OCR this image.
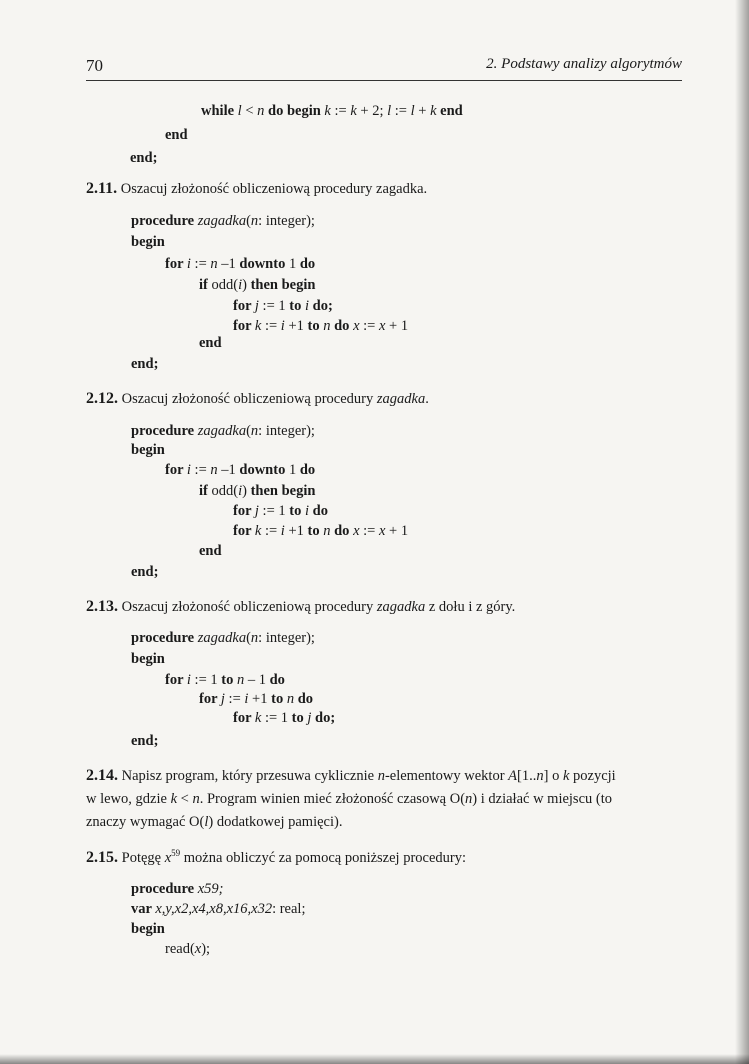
70	2. Podstawy analizy algorytmów
while l < n do begin k := k + 2; l := l + k end
end
end;
2.11. Oszacuj złożoność obliczeniową procedury zagadka.
procedure zagadka(n: integer);
begin
for i := n –1 downto 1 do
if odd(i) then begin
for j := 1 to i do;
for k := i +1 to n do x := x + 1
end
end;
2.12. Oszacuj złożoność obliczeniową procedury zagadka.
procedure zagadka(n: integer);
begin
for i := n –1 downto 1 do
if odd(i) then begin
for j := 1 to i do
for k := i +1 to n do x := x + 1
end
end;
2.13. Oszacuj złożoność obliczeniową procedury zagadka z dołu i z góry.
procedure zagadka(n: integer);
begin
for i := 1 to n – 1 do
for j := i +1 to n do
for k := 1 to j do;
end;
2.14. Napisz program, który przesuwa cyklicznie n-elementowy wektor A[1..n] o k pozycji
w lewo, gdzie k < n. Program winien mieć złożoność czasową O(n) i działać w miejscu (to
znaczy wymagać O(l) dodatkowej pamięci).
2.15. Potęgę $x^{59}$ można obliczyć za pomocą poniższej procedury:
procedure x59;
var x,y,x2,x4,x8,x16,x32: real;
begin
read(x);
